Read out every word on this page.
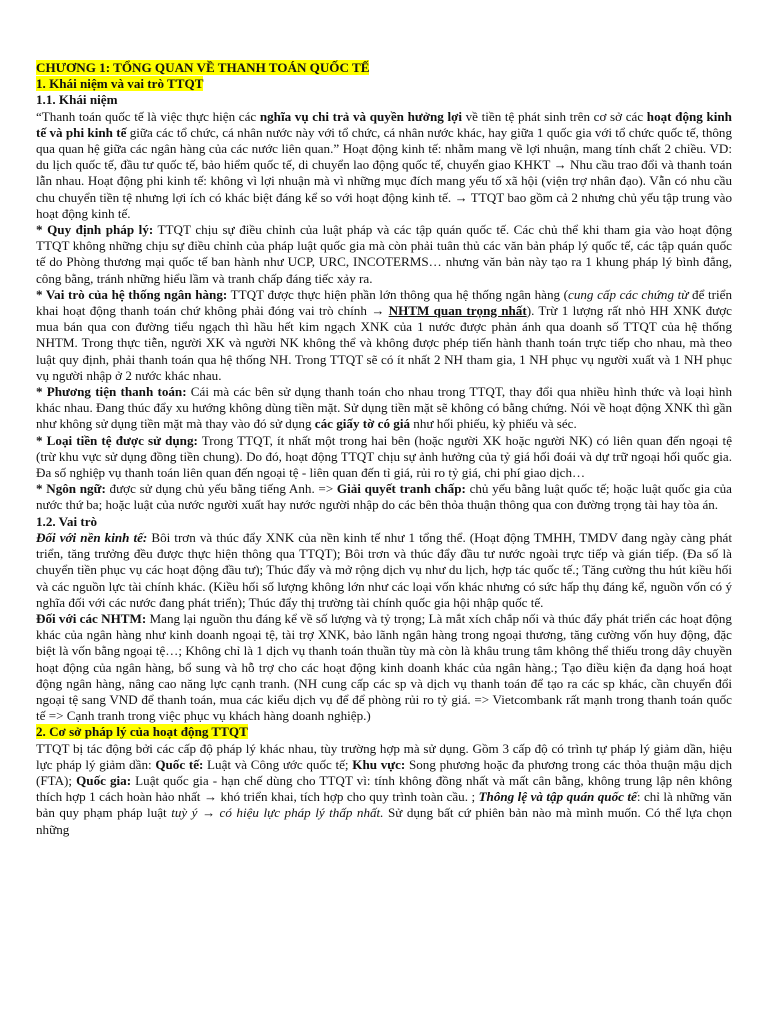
CHƯƠNG 1: TỔNG QUAN VỀ THANH TOÁN QUỐC TẾ
1. Khái niệm và vai trò TTQT
1.1. Khái niệm

“Thanh toán quốc tế là việc thực hiện các nghĩa vụ chi trả và quyền hưởng lợi về tiền tệ phát sinh trên cơ sở các hoạt động kinh tế và phi kinh tế giữa các tổ chức, cá nhân nước này với tổ chức, cá nhân nước khác, hay giữa 1 quốc gia với tổ chức quốc tế, thông qua quan hệ giữa các ngân hàng của các nước liên quan.” Hoạt động kinh tế: nhằm mang về lợi nhuận, mang tính chất 2 chiều. VD: du lịch quốc tế, đầu tư quốc tế, bảo hiểm quốc tế, di chuyển lao động quốc tế, chuyển giao KHKT → Nhu cầu trao đổi và thanh toán lẫn nhau. Hoạt động phi kinh tế: không vì lợi nhuận mà vì những mục đích mang yếu tố xã hội (viện trợ nhân đạo). Vẫn có nhu cầu chu chuyển tiền tệ nhưng lợi ích có khác biệt đáng kể so với hoạt động kinh tế. → TTQT bao gồm cả 2 nhưng chủ yếu tập trung vào hoạt động kinh tế.

* Quy định pháp lý: TTQT chịu sự điều chỉnh của luật pháp và các tập quán quốc tế. Các chủ thể khi tham gia vào hoạt động TTQT không những chịu sự điều chỉnh của pháp luật quốc gia mà còn phải tuân thủ các văn bản pháp lý quốc tế, các tập quán quốc tế do Phòng thương mại quốc tế ban hành như UCP, URC, INCOTERMS… nhưng văn bản này tạo ra 1 khung pháp lý bình đẳng, công bằng, tránh những hiểu lầm và tranh chấp đáng tiếc xảy ra.

* Vai trò của hệ thống ngân hàng: TTQT được thực hiện phần lớn thông qua hệ thống ngân hàng (cung cấp các chứng từ để triển khai hoạt động thanh toán chứ không phải đóng vai trò chính → NHTM quan trọng nhất). Trừ 1 lượng rất nhỏ HH XNK được mua bán qua con đường tiểu ngạch thì hầu hết kim ngạch XNK của 1 nước được phản ánh qua doanh số TTQT của hệ thống NHTM. Trong thực tiễn, người XK và người NK không thể và không được phép tiến hành thanh toán trực tiếp cho nhau, mà theo luật quy định, phải thanh toán qua hệ thống NH. Trong TTQT sẽ có ít nhất 2 NH tham gia, 1 NH phục vụ người xuất và 1 NH phục vụ người nhập ở 2 nước khác nhau.

* Phương tiện thanh toán: Cái mà các bên sử dụng thanh toán cho nhau trong TTQT, thay đổi qua nhiều hình thức và loại hình khác nhau. Đang thúc đẩy xu hướng không dùng tiền mặt. Sử dụng tiền mặt sẽ không có bằng chứng. Nói về hoạt động XNK thì gần như không sử dụng tiền mặt mà thay vào đó sử dụng các giấy tờ có giá như hối phiếu, kỳ phiếu và séc.

* Loại tiền tệ được sử dụng: Trong TTQT, ít nhất một trong hai bên (hoặc người XK hoặc người NK) có liên quan đến ngoại tệ (trừ khu vực sử dụng đồng tiền chung). Do đó, hoạt động TTQT chịu sự ảnh hưởng của tỷ giá hối đoái và dự trữ ngoại hối quốc gia. Đa số nghiệp vụ thanh toán liên quan đến ngoại tệ - liên quan đến tỉ giá, rủi ro tỷ giá, chi phí giao dịch…

* Ngôn ngữ: được sử dụng chủ yếu bằng tiếng Anh. => Giải quyết tranh chấp: chủ yếu bằng luật quốc tế; hoặc luật quốc gia của nước thứ ba; hoặc luật của nước người xuất hay nước người nhập do các bên thỏa thuận thông qua con đường trọng tài hay tòa án.

1.2. Vai trò

Đối với nền kinh tế: Bôi trơn và thúc đẩy XNK của nền kinh tế như 1 tổng thể. (Hoạt động TMHH, TMDV đang ngày càng phát triển, tăng trưởng đều được thực hiện thông qua TTQT); Bôi trơn và thúc đẩy đầu tư nước ngoài trực tiếp và gián tiếp. (Đa số là chuyển tiền phục vụ các hoạt động đầu tư); Thúc đẩy và mở rộng dịch vụ như du lịch, hợp tác quốc tế.; Tăng cường thu hút kiều hối và các nguồn lực tài chính khác. (Kiều hối số lượng không lớn như các loại vốn khác nhưng có sức hấp thụ đáng kể, nguồn vốn có ý nghĩa đối với các nước đang phát triển); Thúc đẩy thị trường tài chính quốc gia hội nhập quốc tế.

Đối với các NHTM: Mang lại nguồn thu đáng kể về số lượng và tỷ trọng; Là mắt xích chắp nối và thúc đẩy phát triển các hoạt động khác của ngân hàng như kinh doanh ngoại tệ, tài trợ XNK, bảo lãnh ngân hàng trong ngoại thương, tăng cường vốn huy động, đặc biệt là vốn bằng ngoại tệ…; Không chỉ là 1 dịch vụ thanh toán thuần tùy mà còn là khâu trung tâm không thể thiếu trong dây chuyền hoạt động của ngân hàng, bổ sung và hỗ trợ cho các hoạt động kinh doanh khác của ngân hàng.; Tạo điều kiện đa dạng hoá hoạt động ngân hàng, nâng cao năng lực cạnh tranh. (NH cung cấp các sp và dịch vụ thanh toán để tạo ra các sp khác, cần chuyển đổi ngoại tệ sang VND để thanh toán, mua các kiểu dịch vụ để để phòng rủi ro tỷ giá. => Vietcombank rất mạnh trong thanh toán quốc tế => Cạnh tranh trong việc phục vụ khách hàng doanh nghiệp.)

2. Cơ sở pháp lý của hoạt động TTQT

TTQT bị tác động bởi các cấp độ pháp lý khác nhau, tùy trường hợp mà sử dụng. Gồm 3 cấp độ có trình tự pháp lý giảm dần, hiệu lực pháp lý giảm dần: Quốc tế: Luật và Công ước quốc tế; Khu vực: Song phương hoặc đa phương trong các thỏa thuận mậu dịch (FTA); Quốc gia: Luật quốc gia - hạn chế dùng cho TTQT vì: tính không đồng nhất và mất cân bằng, không trung lập nên không thích hợp 1 cách hoàn hảo nhất → khó triển khai, tích hợp cho quy trình toàn cầu. ; Thông lệ và tập quán quốc tế: chỉ là những văn bản quy phạm pháp luật tuỳ ý → có hiệu lực pháp lý thấp nhất. Sử dụng bất cứ phiên bản nào mà mình muốn. Có thể lựa chọn những
